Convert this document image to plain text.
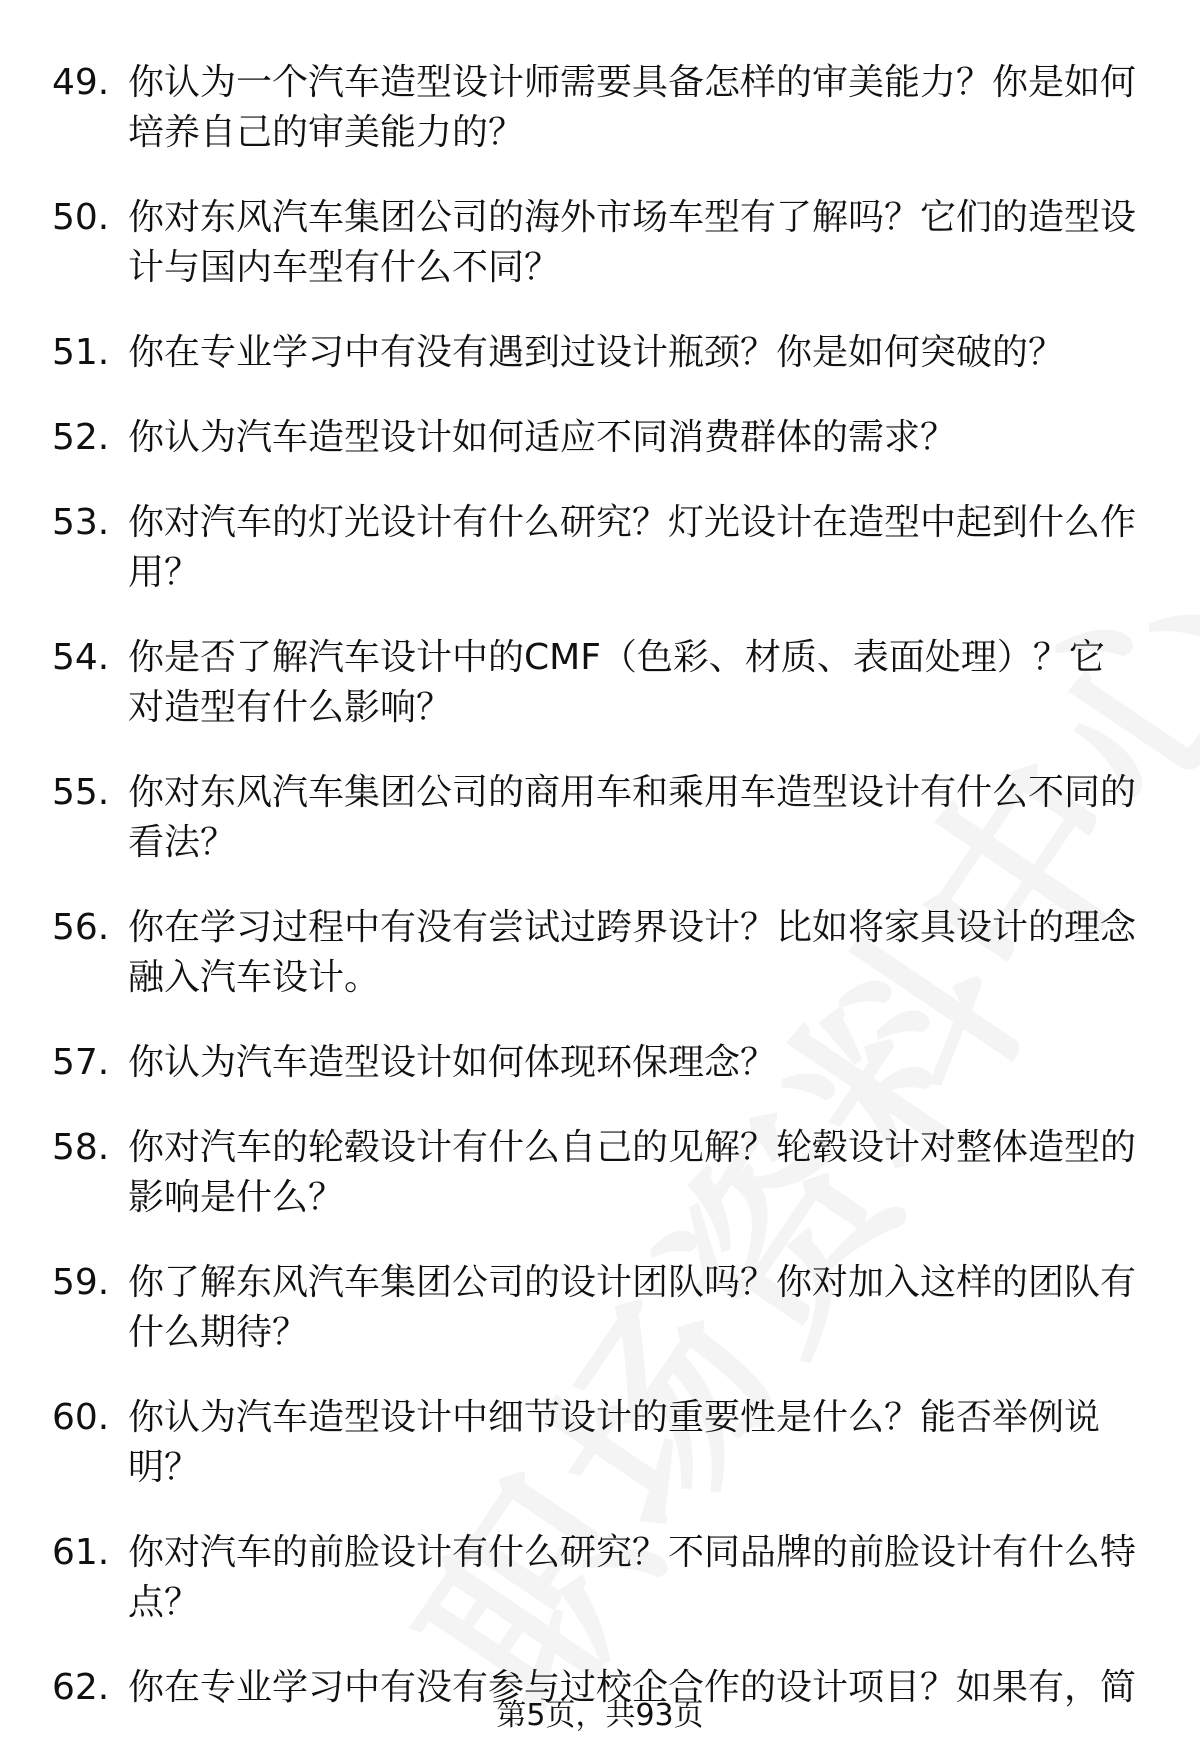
49. 你认为一个汽车造型设计师需要具备怎样的审美能力？你是如何培养自己的审美能力的？
50. 你对东风汽车集团公司的海外市场车型有了解吗？它们的造型设计与国内车型有什么不同？
51. 你在专业学习中有没有遇到过设计瓶颈？你是如何突破的？
52. 你认为汽车造型设计如何适应不同消费群体的需求？
53. 你对汽车的灯光设计有什么研究？灯光设计在造型中起到什么作用？
54. 你是否了解汽车设计中的CMF（色彩、材质、表面处理）？它对造型有什么影响？
55. 你对东风汽车集团公司的商用车和乘用车造型设计有什么不同的看法？
56. 你在学习过程中有没有尝试过跨界设计？比如将家具设计的理念融入汽车设计。
57. 你认为汽车造型设计如何体现环保理念？
58. 你对汽车的轮毂设计有什么自己的见解？轮毂设计对整体造型的影响是什么？
59. 你了解东风汽车集团公司的设计团队吗？你对加入这样的团队有什么期待？
60. 你认为汽车造型设计中细节设计的重要性是什么？能否举例说明？
61. 你对汽车的前脸设计有什么研究？不同品牌的前脸设计有什么特点？
62. 你在专业学习中有没有参与过校企合作的设计项目？如果有，简
第5页，共93页
